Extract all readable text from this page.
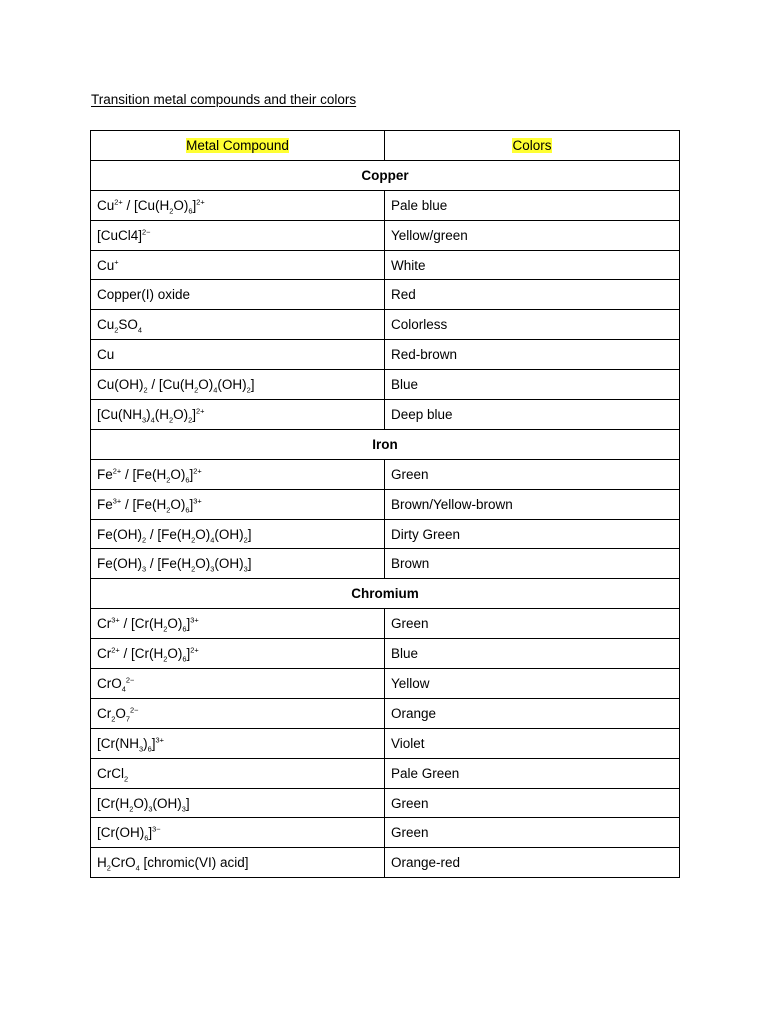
Transition metal compounds and their colors
Metal Compound	Colors
Copper	
$Cu^{2+} / [Cu(H_2O)_6]^{2+}$	Pale blue
[CuCl4]$^{2-}$	Yellow/green
Cu+	White
Copper(I) oxide	Red
$Cu_2SO_4$	Colorless
Cu	Red-brown
$Cu(OH)_2 / [Cu(H_2O)_4(OH)_2]$	Blue
$[Cu(NH_3)_4(H_2O)_2]^{2+}$	Deep blue
Iron	
$Fe^{2+} / [Fe(H_2O)_6]^{2+}$	Green
$Fe^{3+} / [Fe(H_2O)_6]^{3+}$	Brown/Yellow-brown
$Fe(OH)_2 / [Fe(H_2O)_4(OH)_2]$	Dirty Green
$Fe(OH)_3 / [Fe(H_2O)_3(OH)_3]$	Brown
Chromium	
$Cr^{3+} / [Cr(H_2O)_6]^{3+}$	Green
$Cr^{2+} / [Cr(H_2O)_6]^{2+}$	Blue
CrO$_4^{2-}$	Yellow
$Cr_2O_7^{2-}$	Orange
$[Cr(NH_3)_6]^{3+}$	Violet
CrCl$_2$	Pale Green
$[Cr(H_2O)_3(OH)_3]$	Green
$[Cr(OH)_6]^{3-}$	Green
$H_2CrO_4$ [chromic(VI) acid]	Orange-red
